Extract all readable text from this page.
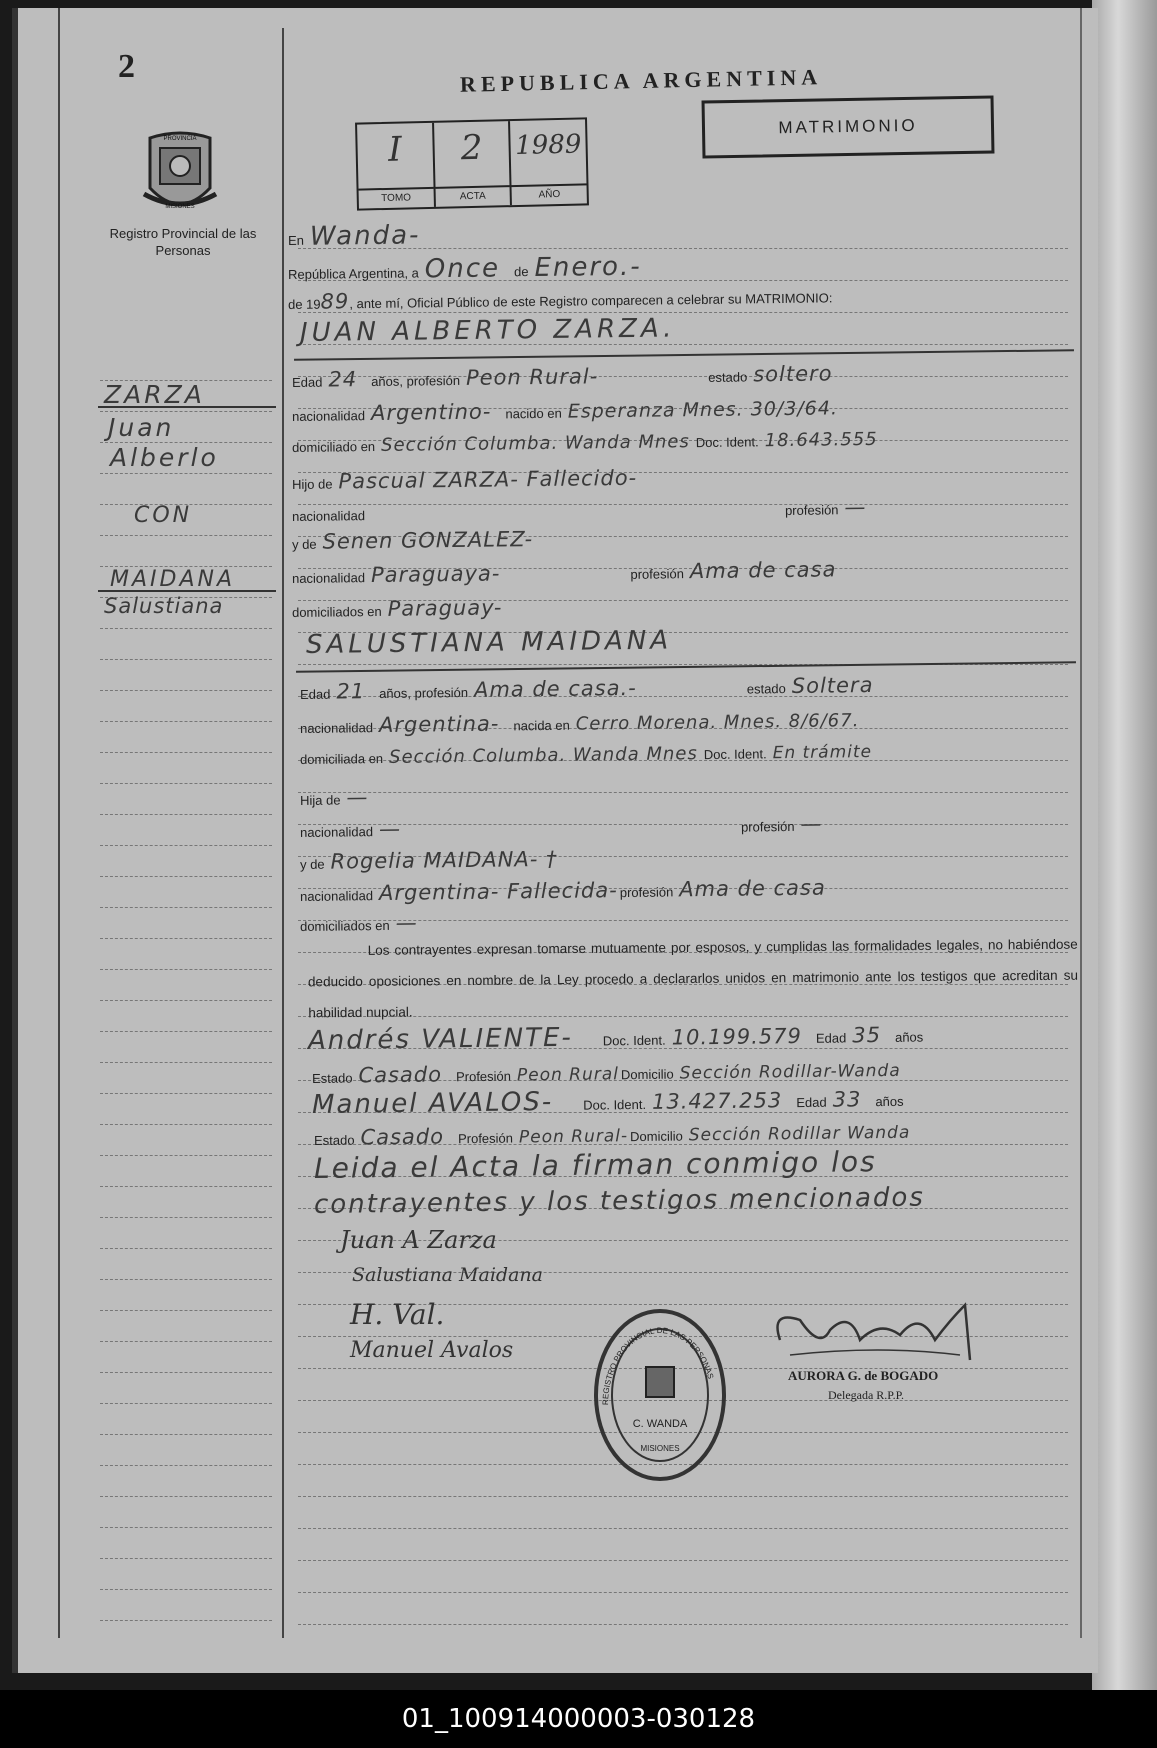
2
PROVINCIA
MISIONES
Registro Provincial de las Personas
REPUBLICA ARGENTINA
MATRIMONIO
I
TOMO
2
ACTA
1989
AÑO
ZARZA
Juan
Alberlo
CON
MAIDANA
Salustiana
En Wanda-
República Argentina, a Once de Enero.-
de 1989, ante mí, Oficial Público de este Registro comparecen a celebrar su MATRIMONIO:
JUAN ALBERTO ZARZA.
Edad 24 años, profesión Peon Rural-	estado soltero
nacionalidad Argentino- nacido en Esperanza Mnes. 30/3/64.
domiciliado en Sección Columba. Wanda Mnes Doc. Ident. 18.643.555
Hijo de Pascual ZARZA- Fallecido-
nacionalidad	profesión —
y de Senen GONZALEZ-
nacionalidad Paraguaya-	profesión Ama de casa
domiciliados en Paraguay-
SALUSTIANA MAIDANA
Edad 21 años, profesión Ama de casa.-	estado Soltera
nacionalidad Argentina- nacida en Cerro Morena. Mnes. 8/6/67.
domiciliada en Sección Columba. Wanda Mnes Doc. Ident. En trámite
Hija de —
nacionalidad —	profesión —
y de Rogelia MAIDANA- †
nacionalidad Argentina- Fallecida- profesión Ama de casa
domiciliados en —
Los contrayentes expresan tomarse mutuamente por esposos, y cumplidas las formalidades legales, no habiéndose deducido oposiciones en nombre de la Ley procedo a declararlos unidos en matrimonio ante los testigos que acreditan su habilidad nupcial.
Andrés VALIENTE- Doc. Ident. 10.199.579 Edad 35 años
Estado Casado Profesión Peon Rural Domicilio Sección Rodillar-Wanda
Manuel AVALOS- Doc. Ident. 13.427.253 Edad 33 años
Estado Casado Profesión Peon Rural- Domicilio Sección Rodillar Wanda
Leida el Acta la firman conmigo los
contrayentes y los testigos mencionados
Juan A Zarza
Salustiana Maidana
H. Val.
Manuel Avalos
REGISTRO PROVINCIAL DE LAS PERSONAS
C. WANDA
MISIONES
AURORA G. de BOGADO
Delegada R.P.P.
01_100914000003-030128
